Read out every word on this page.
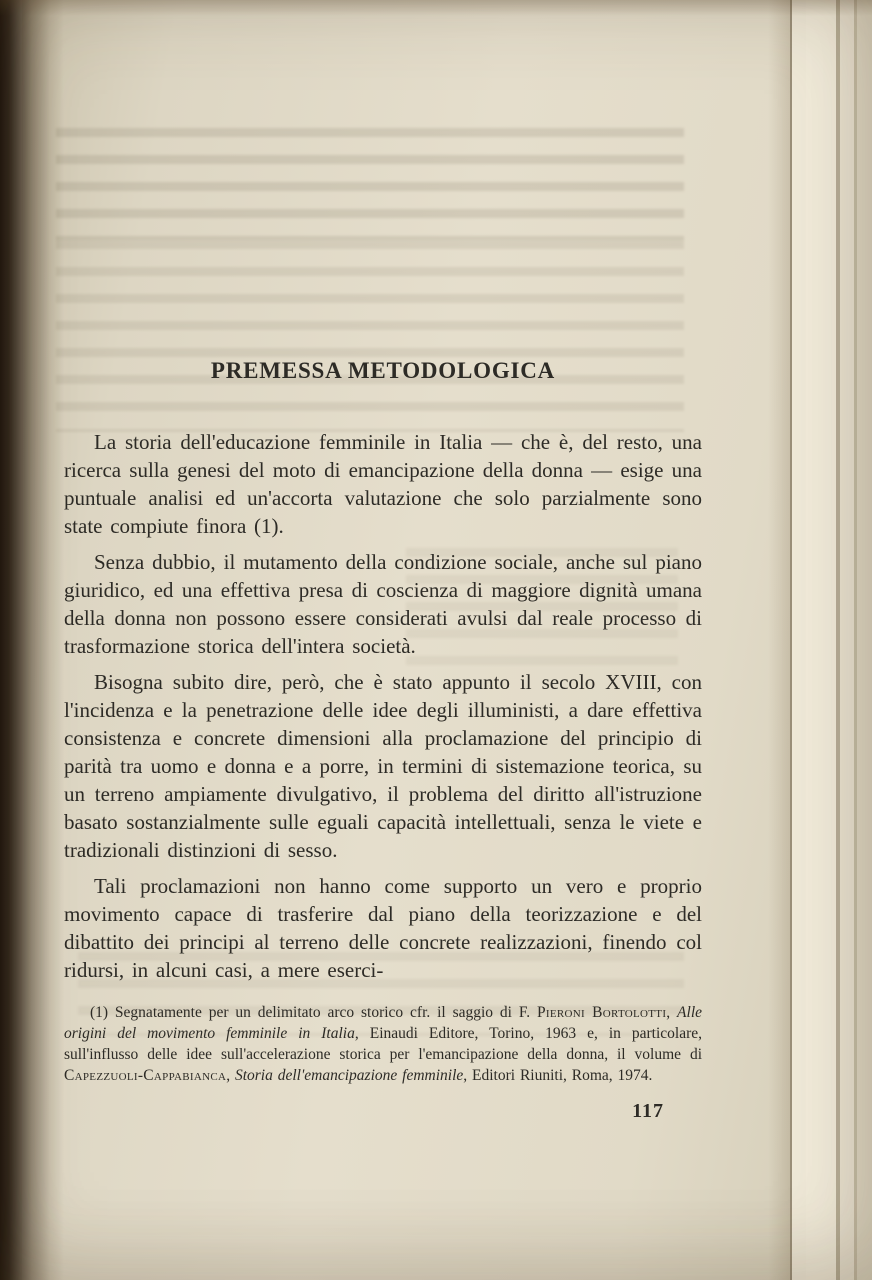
PREMESSA METODOLOGICA

La storia dell'educazione femminile in Italia — che è, del resto, una ricerca sulla genesi del moto di emancipazione della donna — esige una puntuale analisi ed un'accorta valutazione che solo parzialmente sono state compiute finora (1).

Senza dubbio, il mutamento della condizione sociale, anche sul piano giuridico, ed una effettiva presa di coscienza di maggiore dignità umana della donna non possono essere considerati avulsi dal reale processo di trasformazione storica dell'intera società.

Bisogna subito dire, però, che è stato appunto il secolo XVIII, con l'incidenza e la penetrazione delle idee degli illuministi, a dare effettiva consistenza e concrete dimensioni alla proclamazione del principio di parità tra uomo e donna e a porre, in termini di sistemazione teorica, su un terreno ampiamente divulgativo, il problema del diritto all'istruzione basato sostanzialmente sulle eguali capacità intellettuali, senza le viete e tradizionali distinzioni di sesso.

Tali proclamazioni non hanno come supporto un vero e proprio movimento capace di trasferire dal piano della teorizzazione e del dibattito dei principi al terreno delle concrete realizzazioni, finendo col ridursi, in alcuni casi, a mere eserci-

(1) Segnatamente per un delimitato arco storico cfr. il saggio di F. Pieroni Bortolotti, Alle origini del movimento femminile in Italia, Einaudi Editore, Torino, 1963 e, in particolare, sull'influsso delle idee sull'accelerazione storica per l'emancipazione della donna, il volume di Capezzuoli-Cappabianca, Storia dell'emancipazione femminile, Editori Riuniti, Roma, 1974.

117
